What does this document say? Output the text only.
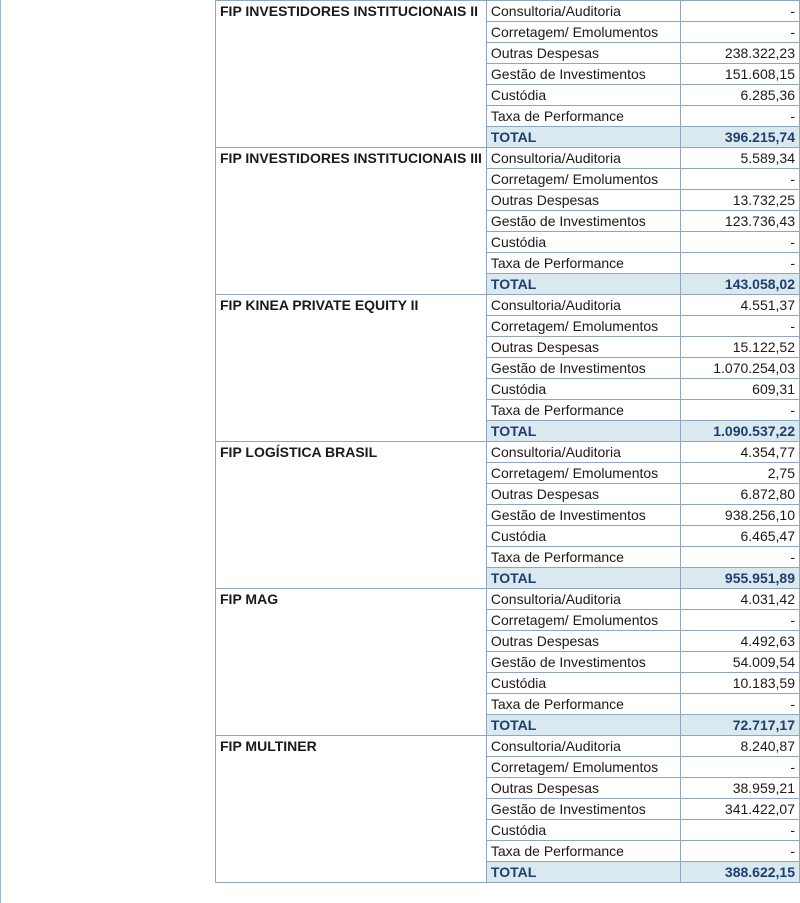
FIP INVESTIDORES INSTITUCIONAIS II	Consultoria/Auditoria	-
	Corretagem/ Emolumentos	-
	Outras Despesas	238.322,23
	Gestão de Investimentos	151.608,15
	Custódia	6.285,36
	Taxa de Performance	-
	TOTAL	396.215,74
FIP INVESTIDORES INSTITUCIONAIS III	Consultoria/Auditoria	5.589,34
	Corretagem/ Emolumentos	-
	Outras Despesas	13.732,25
	Gestão de Investimentos	123.736,43
	Custódia	-
	Taxa de Performance	-
	TOTAL	143.058,02
FIP KINEA PRIVATE EQUITY II	Consultoria/Auditoria	4.551,37
	Corretagem/ Emolumentos	-
	Outras Despesas	15.122,52
	Gestão de Investimentos	1.070.254,03
	Custódia	609,31
	Taxa de Performance	-
	TOTAL	1.090.537,22
FIP LOGÍSTICA BRASIL	Consultoria/Auditoria	4.354,77
	Corretagem/ Emolumentos	2,75
	Outras Despesas	6.872,80
	Gestão de Investimentos	938.256,10
	Custódia	6.465,47
	Taxa de Performance	-
	TOTAL	955.951,89
FIP MAG	Consultoria/Auditoria	4.031,42
	Corretagem/ Emolumentos	-
	Outras Despesas	4.492,63
	Gestão de Investimentos	54.009,54
	Custódia	10.183,59
	Taxa de Performance	-
	TOTAL	72.717,17
FIP MULTINER	Consultoria/Auditoria	8.240,87
	Corretagem/ Emolumentos	-
	Outras Despesas	38.959,21
	Gestão de Investimentos	341.422,07
	Custódia	-
	Taxa de Performance	-
	TOTAL	388.622,15
